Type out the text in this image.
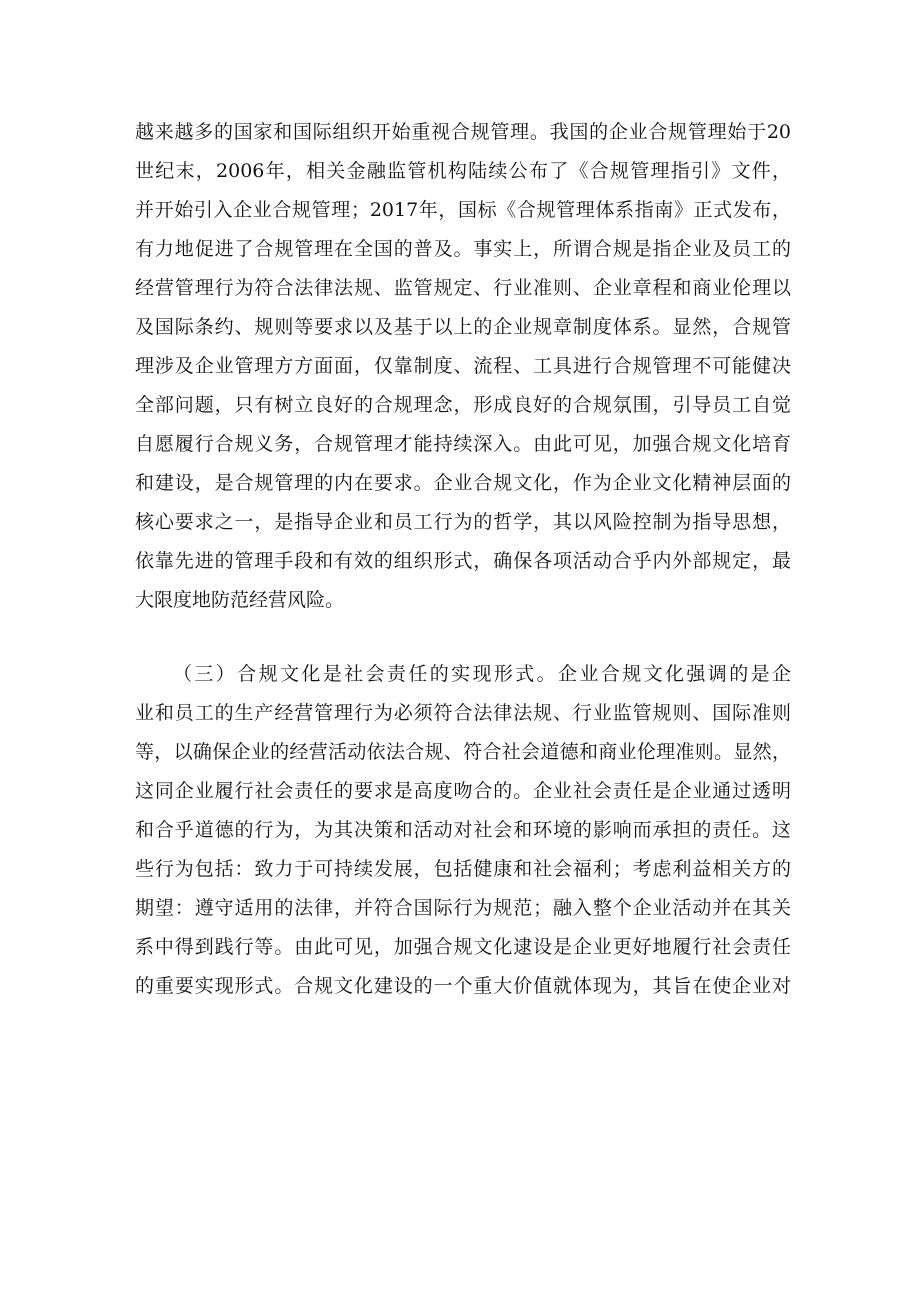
越来越多的国家和国际组织开始重视合规管理。我国的企业合规管理始于20
世纪末，2006年，相关金融监管机构陆续公布了《合规管理指引》文件，
并开始引入企业合规管理；2017年，国标《合规管理体系指南》正式发布，
有力地促进了合规管理在全国的普及。事实上，所谓合规是指企业及员工的
经营管理行为符合法律法规、监管规定、行业准则、企业章程和商业伦理以
及国际条约、规则等要求以及基于以上的企业规章制度体系。显然，合规管
理涉及企业管理方方面面，仅靠制度、流程、工具进行合规管理不可能健决
全部问题，只有树立良好的合规理念，形成良好的合规氛围，引导员工自觉
自愿履行合规义务，合规管理才能持续深入。由此可见，加强合规文化培育
和建设，是合规管理的内在要求。企业合规文化，作为企业文化精神层面的
核心要求之一，是指导企业和员工行为的哲学，其以风险控制为指导思想，
依靠先进的管理手段和有效的组织形式，确保各项活动合乎内外部规定，最
大限度地防范经营风险。
（三）合规文化是社会责任的实现形式。企业合规文化强调的是企
业和员工的生产经营管理行为必须符合法律法规、行业监管规则、国际准则
等，以确保企业的经营活动依法合规、符合社会道德和商业伦理准则。显然，
这同企业履行社会责任的要求是高度吻合的。企业社会责任是企业通过透明
和合乎道德的行为，为其决策和活动对社会和环境的影响而承担的责任。这
些行为包括：致力于可持续发展，包括健康和社会福利；考虑利益相关方的
期望：遵守适用的法律，并符合国际行为规范；融入整个企业活动并在其关
系中得到践行等。由此可见，加强合规文化逮设是企业更好地履行社会责任
的重要实现形式。合规文化建设的一个重大价值就体现为，其旨在使企业对
